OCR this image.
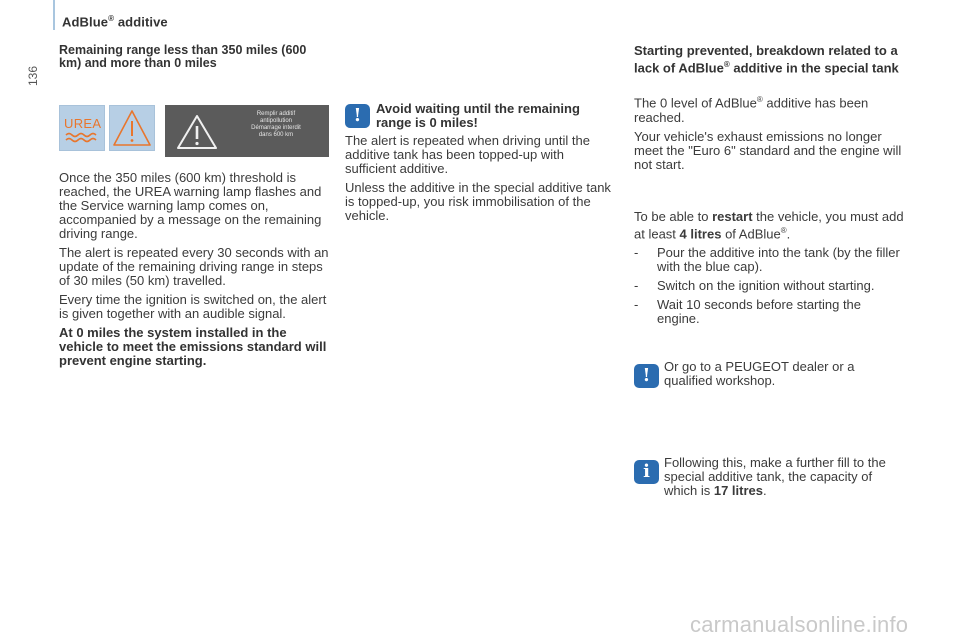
AdBlue® additive
136

Remaining range less than 350 miles (600 km) and more than 0 miles

UREA
Remplir additif
antipollution
Démarrage interdit
dans 600 km

Once the 350 miles (600 km) threshold is reached, the UREA warning lamp flashes and the Service warning lamp comes on, accompanied by a message on the remaining driving range.

The alert is repeated every 30 seconds with an update of the remaining driving range in steps of 30 miles (50 km) travelled.

Every time the ignition is switched on, the alert is given together with an audible signal.

At 0 miles the system installed in the vehicle to meet the emissions standard will prevent engine starting.

!	Avoid waiting until the remaining range is 0 miles!

The alert is repeated when driving until the additive tank has been topped-up with sufficient additive.

Unless the additive in the special additive tank is topped-up, you risk immobilisation of the vehicle.

Starting prevented, breakdown related to a lack of AdBlue® additive in the special tank

The 0 level of AdBlue® additive has been reached.

Your vehicle's exhaust emissions no longer meet the "Euro 6" standard and the engine will not start.

To be able to restart the vehicle, you must add at least 4 litres of AdBlue®.

- Pour the additive into the tank (by the filler with the blue cap).
- Switch on the ignition without starting.
- Wait 10 seconds before starting the engine.
!	Or go to a PEUGEOT dealer or a qualified workshop.
i	Following this, make a further fill to the special additive tank, the capacity of which is 17 litres.
carmanualsonline.info
